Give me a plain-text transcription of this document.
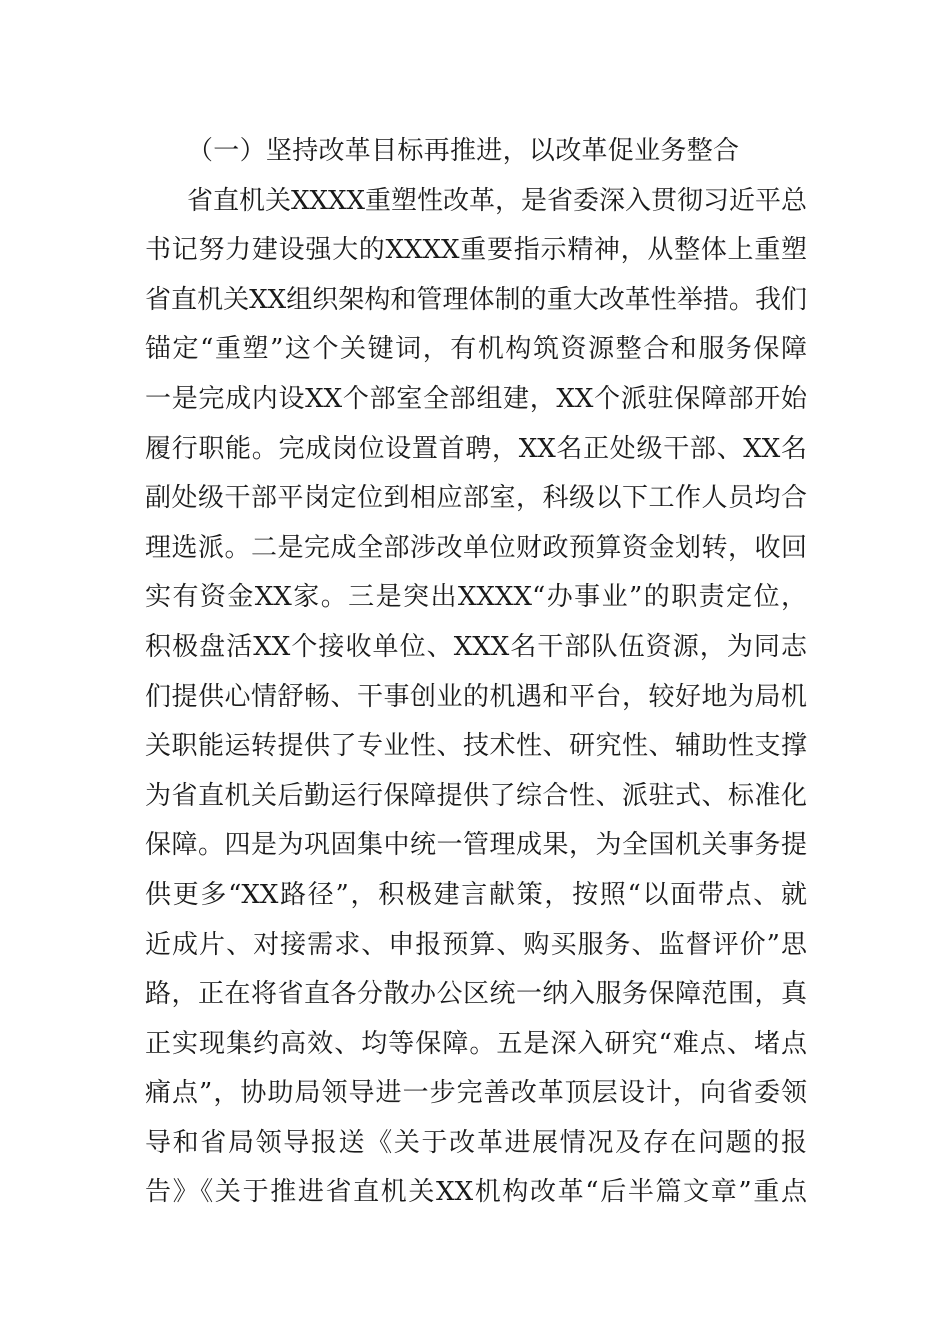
（一）坚持改革目标再推进，以改革促业务整合
省直机关XXXX重塑性改革，是省委深入贯彻习近平总
书记努力建设强大的XXXX重要指示精神，从整体上重塑
省直机关XX组织架构和管理体制的重大改革性举措。我们
锚定“重塑”这个关键词，有机构筑资源整合和服务保障
一是完成内设XX个部室全部组建，XX个派驻保障部开始
履行职能。完成岗位设置首聘，XX名正处级干部、XX名
副处级干部平岗定位到相应部室，科级以下工作人员均合
理选派。二是完成全部涉改单位财政预算资金划转，收回
实有资金XX家。三是突出XXXX“办事业”的职责定位，
积极盘活XX个接收单位、XXX名干部队伍资源，为同志
们提供心情舒畅、干事创业的机遇和平台，较好地为局机
关职能运转提供了专业性、技术性、研究性、辅助性支撑
为省直机关后勤运行保障提供了综合性、派驻式、标准化
保障。四是为巩固集中统一管理成果，为全国机关事务提
供更多“XX路径”，积极建言献策，按照“以面带点、就
近成片、对接需求、申报预算、购买服务、监督评价”思
路，正在将省直各分散办公区统一纳入服务保障范围，真
正实现集约高效、均等保障。五是深入研究“难点、堵点
痛点”，协助局领导进一步完善改革顶层设计，向省委领
导和省局领导报送《关于改革进展情况及存在问题的报
告》《关于推进省直机关XX机构改革“后半篇文章”重点
